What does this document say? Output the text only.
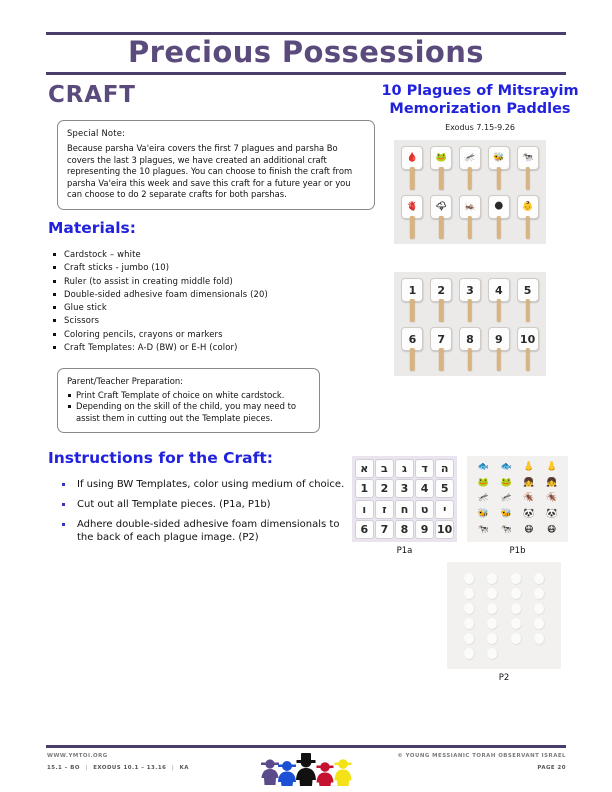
Precious Possessions
CRAFT
Special Note:
Because parsha Va'eira covers the first 7 plagues and parsha Bo covers the last 3 plagues, we have created an additional craft representing the 10 plagues. You can choose to finish the craft from parsha Va'eira this week and save this craft for a future year or you can choose to do 2 separate crafts for both parshas.
Materials:
Cardstock – white
Craft sticks - jumbo (10)
Ruler (to assist in creating middle fold)
Double-sided adhesive foam dimensionals (20)
Glue stick
Scissors
Coloring pencils, crayons or markers
Craft Templates: A-D (BW) or E-H (color)
Parent/Teacher Preparation:
Print Craft Template of choice on white cardstock.
Depending on the skill of the child, you may need to assist them in cutting out the Template pieces.
Instructions for the Craft:
If using BW Templates, color using medium of choice.
Cut out all Template pieces. (P1a, P1b)
Adhere double-sided adhesive foam dimensionals to the back of each plague image. (P2)
10 Plagues of Mitsrayim
Memorization Paddles
Exodus 7.15-9.26
🩸 🐸 🦟 🐝 🐄
🫀 🌩 🦗 🌑 👶
1	2	3	4	5
6	7	8	9	10
א	ב	ג	ד	ה
1	2	3	4	5
ו	ז	ח	ט	י
6	7	8	9 10
P1a
🐟	🐟	👃	👃
🐸	🐸	👧	👧
🦟	🦟	🪳	🪳
🐝	🐝	🐼	🐼
🐄	🐄	😷	😷
P1b
P2
WWW.YMTOI.ORG
15.1 – BO | EXODUS 10.1 – 13.16 | KA
© YOUNG MESSIANIC TORAH OBSERVANT ISRAEL
PAGE 20
